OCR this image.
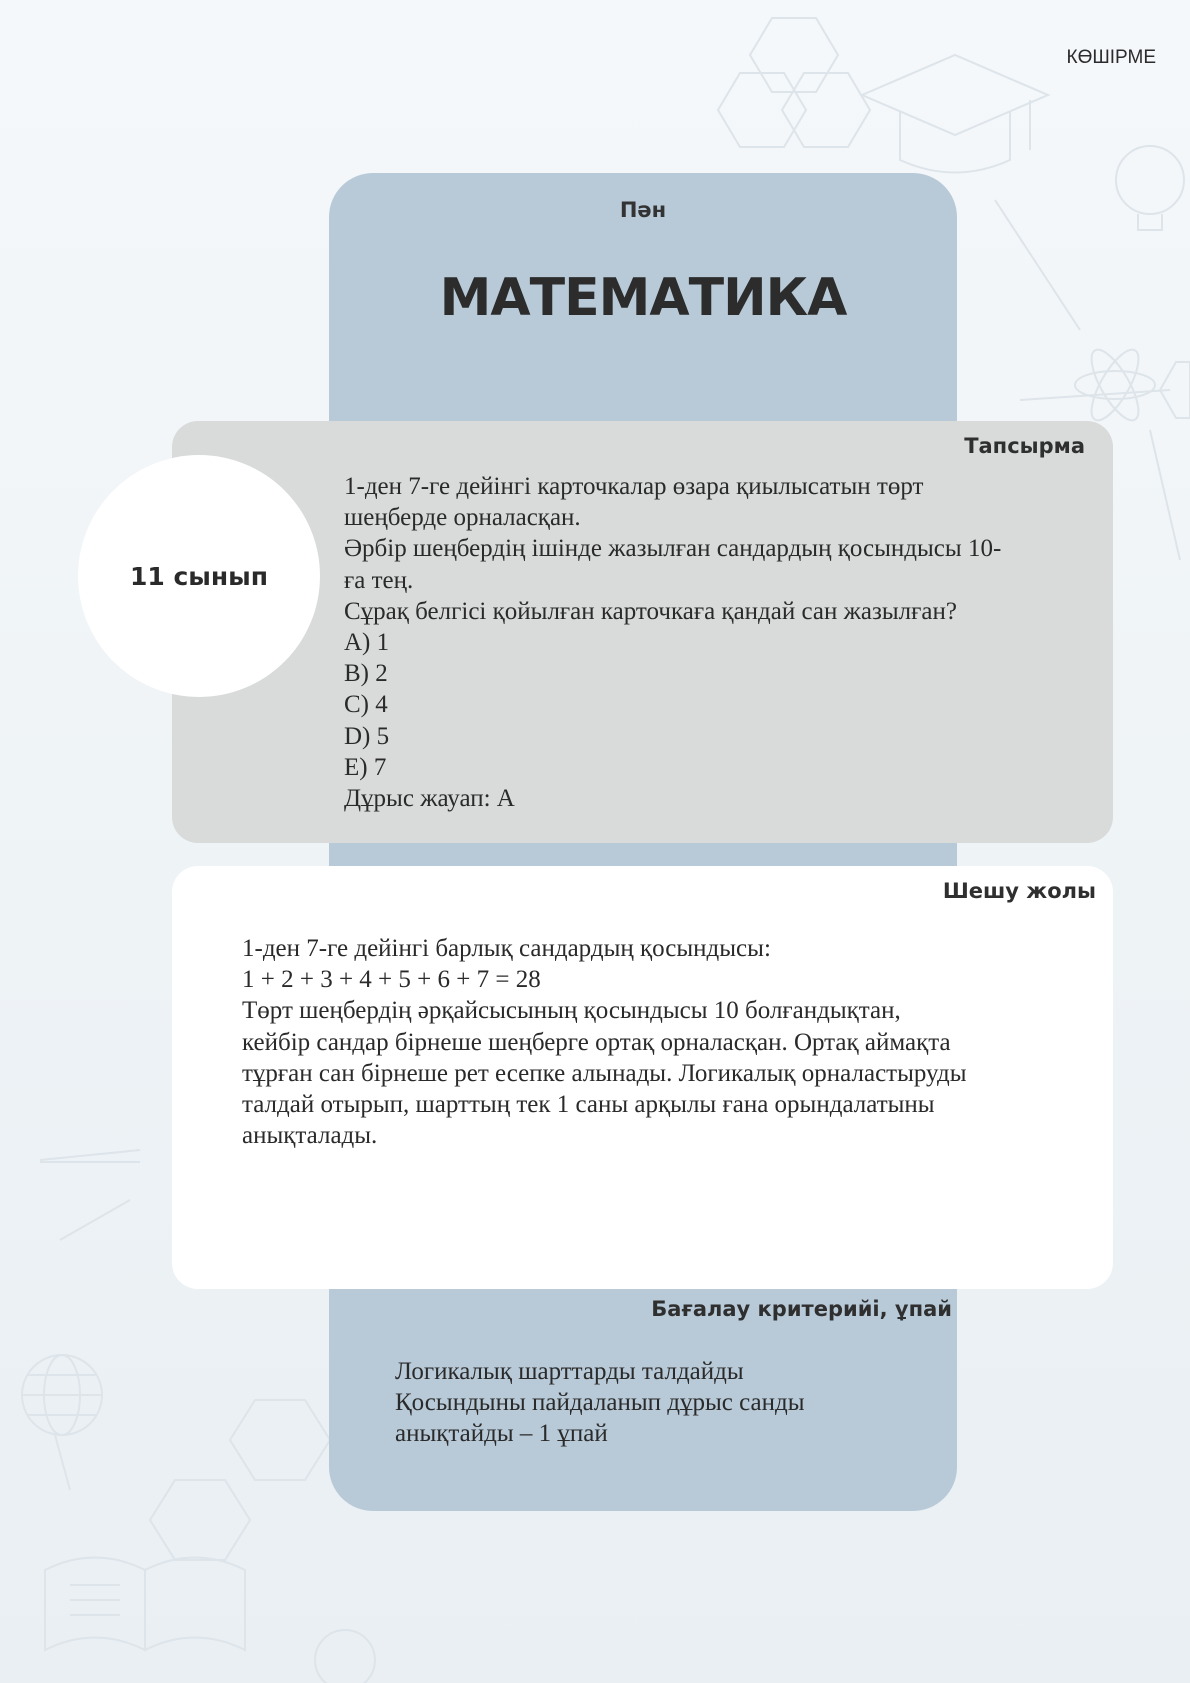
КӨШІРМЕ
Пән
МАТЕМАТИКА
Тапсырма
1-ден 7-ге дейінгі карточкалар өзара қиылысатын төрт
шеңберде орналасқан.
Әрбір шеңбердің ішінде жазылған сандардың қосындысы 10-
ға тең.
Сұрақ белгісі қойылған карточкаға қандай сан жазылған?
A) 1
B) 2
C) 4
D) 5
E) 7
Дұрыс жауап: A
11 сынып
Шешу жолы
1-ден 7-ге дейінгі барлық сандардың қосындысы:
1 + 2 + 3 + 4 + 5 + 6 + 7 = 28
Төрт шеңбердің әрқайсысының қосындысы 10 болғандықтан,
кейбір сандар бірнеше шеңберге ортақ орналасқан. Ортақ аймақта
тұрған сан бірнеше рет есепке алынады. Логикалық орналастыруды
талдай отырып, шарттың тек 1 саны арқылы ғана орындалатыны
анықталады.
Бағалау критерийі, ұпай
Логикалық шарттарды талдайды
Қосындыны пайдаланып дұрыс санды
анықтайды – 1 ұпай
